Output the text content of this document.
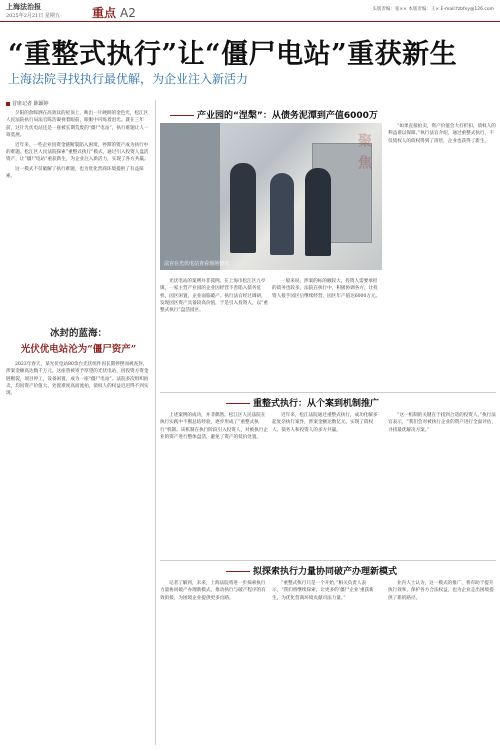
上海法治报
2025年2月21日 星期五	重点 A2	头版责编：张×× 本版责编：王× E-mail:fzbfxy@126.com
“重整式执行”让“僵尸电站”重获新生
上海法院寻找执行最优解，为企业注入新活力
首席记者 陈颖婷

夕阳的余晖洒在高效钛的屋顶上，映出一片硬朗的金色光，松江区人民法院执行局法官陈浩凝视着眼前，眼眶中闪烁着泪光。就在三年前，这片光伏电站还是一座被长期荒废的“僵尸电站”，执行难题让人一筹莫展。

近年来，一些企业因资金链断裂陷入困境，停滞的资产成为执行中的难题。松江区人民法院探索“重整式执行”模式，通过引入投资人盘活资产，让“僵尸电站”重获新生，为企业注入新活力，实现了各方共赢。

这一模式不仅破解了执行难题，也为优化营商环境提供了有益探索。

冰封的蓝海：
光伏优电站沦为“僵尸资产”
2023年春天，某光伏电站80余台光伏组件因长期停摆而被查封，涉案金额高达数千万元。这座曾被寄予厚望的光伏电站，因投资方资金链断裂，项目停工，设备闲置，成为一座“僵尸电站”。法院多次组织拍卖，均因资产价值大、处置难度高而流拍，债权人的权益迟迟得不到实现。
产业园的“涅槃”：从债务泥潭到产值6000万
聚焦
法官在光伏电站查看现场情况
光伏电站的案例并非孤例。在上海市松江区九亭镇，一家主营产业园的企业因经营不善陷入债务危机，园区闲置，企业面临破产。执行法官经过调研，发现园区资产具备较高价值，于是引入投资人，以“重整式执行”盘活园区。
一般来说，涉案的标的额较大，投资人需要承担的债务也较多。法院在执行中，积极协调各方，让投资人接手园区后继续经营，园区年产值达6000万元。
“如果直接拍卖，资产价值会大打折扣，债权人的利益难以保障。”执行法官介绍，通过重整式执行，不仅债权人的债权得到了清偿，企业也获得了新生。
重整式执行：从个案到机制推广
上述案例的成功，并非偶然。松江区人民法院在执行实践中不断总结经验，逐步形成了“重整式执行”机制。该机制在执行阶段引入投资人，对被执行企业的资产进行整体盘活，避免了资产的低价处置。
近年来，松江法院通过重整式执行，成功化解多起复杂执行案件，涉案金额达数亿元，实现了债权人、债务人和投资人的多方共赢。
“这一机制的关键在于找到合适的投资人，”执行法官表示，“我们会对被执行企业的资产进行全面评估，寻找最优解决方案。”
拟探索执行力量协同破产办理新模式
记者了解到，未来，上海法院将进一步探索执行力量协同破产办理新模式，推动执行与破产程序的有效衔接，为困境企业提供更多出路。
“重整式执行只是一个开始，”相关负责人表示，“我们将继续探索，让更多的‘僵尸企业’重获新生，为优化营商环境贡献司法力量。”
业内人士认为，这一模式的推广，将有助于提升执行效率，保护各方合法权益，也为企业走出困境提供了新的路径。
